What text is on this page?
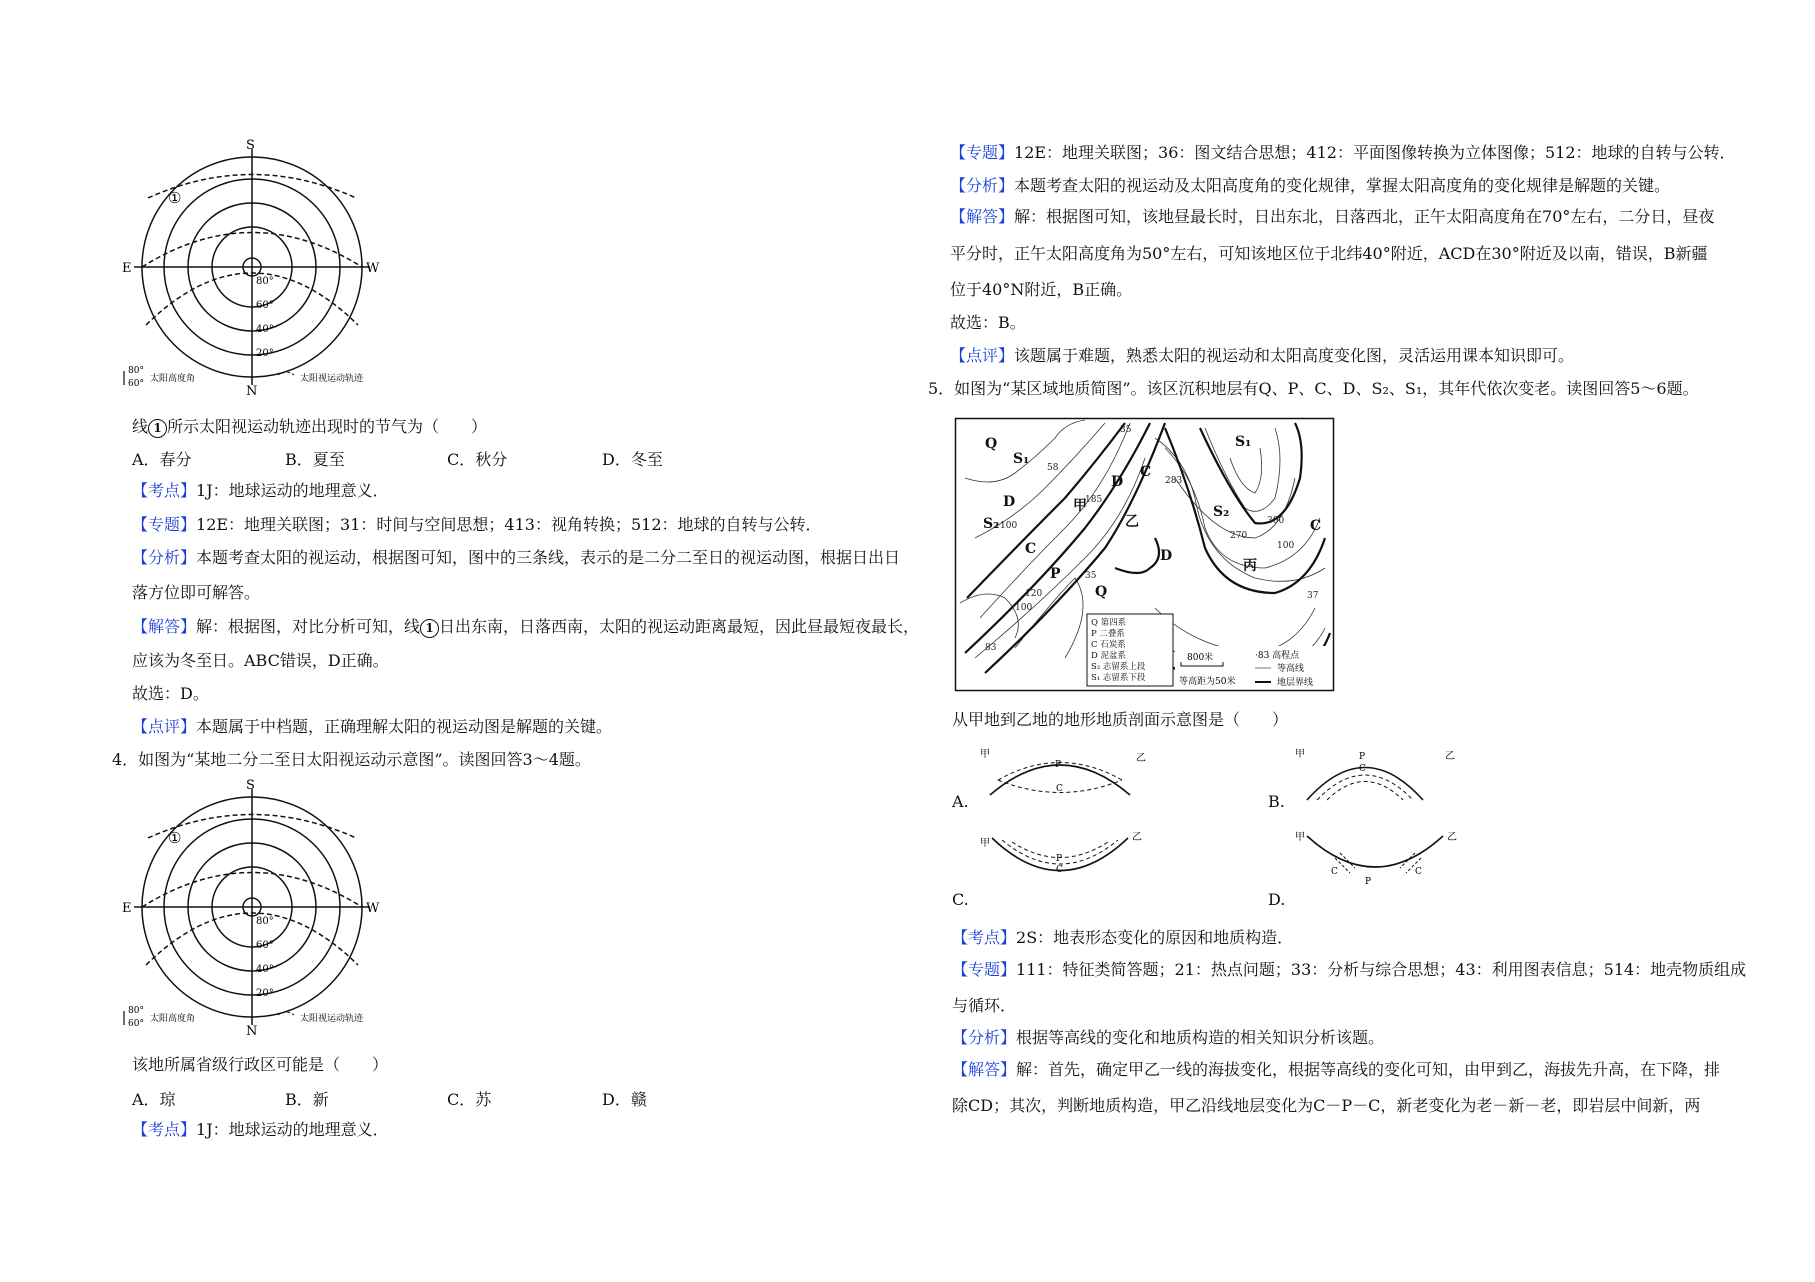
S
N
E	W
①
80°
60°
40°
20°
80°
60° 太阳高度角	太阳视运动轨迹
线 1 所示太阳视运动轨迹出现时的节气为（　　）
A．春分	B．夏至	C．秋分	D．冬至
【考点】1J：地球运动的地理意义．
【专题】12E：地理关联图；31：时间与空间思想；413：视角转换；512：地球的自转与公转．
【分析】本题考查太阳的视运动，根据图可知，图中的三条线，表示的是二分二至日的视运动图，根据日出日
落方位即可解答。
【解答】解：根据图，对比分析可知，线 1 日出东南，日落西南，太阳的视运动距离最短，因此昼最短夜最长，
应该为冬至日。ABC错误，D正确。
故选：D。
【点评】本题属于中档题，正确理解太阳的视运动图是解题的关键。
4．如图为“某地二分二至日太阳视运动示意图”。读图回答3～4题。
S
N
E	W
①
80°
60°
40°
20°
80°
60° 太阳高度角	太阳视运动轨迹
该地所属省级行政区可能是（　　）
A．琼	B．新	C．苏	D．赣
【考点】1J：地球运动的地理意义．
【专题】12E：地理关联图；36：图文结合思想；412：平面图像转换为立体图像；512：地球的自转与公转．
【分析】本题考查太阳的视运动及太阳高度角的变化规律，掌握太阳高度角的变化规律是解题的关键。
【解答】解：根据图可知，该地昼最长时，日出东北，日落西北，正午太阳高度角在70°左右，二分日，昼夜
平分时，正午太阳高度角为50°左右，可知该地区位于北纬40°附近，ACD在30°附近及以南，错误，B新疆
位于40°N附近，B正确。
故选：B。
【点评】该题属于难题，熟悉太阳的视运动和太阳高度变化图，灵活运用课本知识即可。
5．如图为“某区域地质简图”。该区沉积地层有Q、P、C、D、S₂、S₁，其年代依次变老。读图回答5～6题。
Q
S₁
S₂
D
C
P
Q
S₁
S₂
C
D
丙
甲
乙	C
D
35
58
185
283
300
270
100
120
100
83
35
37
100
Q 第四系
P 二叠系
C 石炭系
D 泥盆系
S₂ 志留系上段
S₁ 志留系下段
800米
等高距为50米
·83 高程点
等高线
地层界线
从甲地到乙地的地形地质剖面示意图是（　　）
甲	乙
P
C
A.
甲	乙
P
C
B.
甲
乙
P
C
C.
甲	乙
C
P
C
D.
【考点】2S：地表形态变化的原因和地质构造．
【专题】111：特征类简答题；21：热点问题；33：分析与综合思想；43：利用图表信息；514：地壳物质组成
与循环．
【分析】根据等高线的变化和地质构造的相关知识分析该题。
【解答】解：首先，确定甲乙一线的海拔变化，根据等高线的变化可知，由甲到乙，海拔先升高，在下降，排
除CD；其次，判断地质构造，甲乙沿线地层变化为C－P－C，新老变化为老－新－老，即岩层中间新，两
